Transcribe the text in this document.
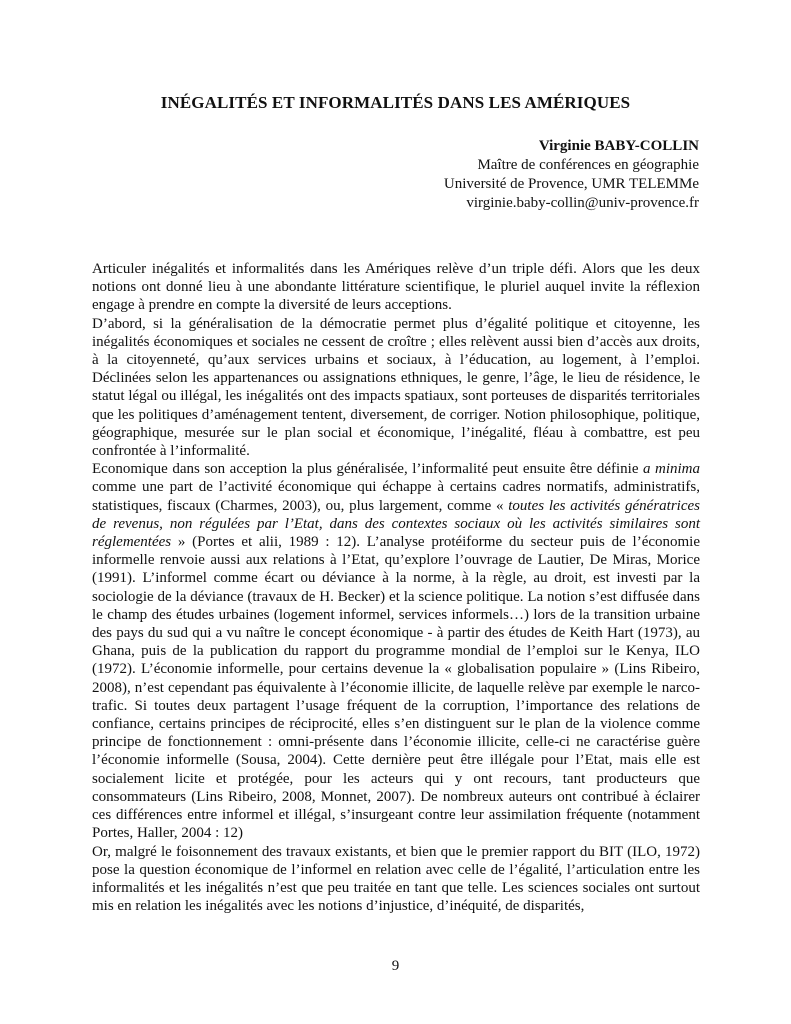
INÉGALITÉS ET INFORMALITÉS DANS LES AMÉRIQUES
Virginie BABY-COLLIN
Maître de conférences en géographie
Université de Provence, UMR TELEMMe
virginie.baby-collin@univ-provence.fr

Articuler inégalités et informalités dans les Amériques relève d’un triple défi. Alors que les deux notions ont donné lieu à une abondante littérature scientifique, le pluriel auquel invite la réflexion engage à prendre en compte la diversité de leurs acceptions.

D’abord, si la généralisation de la démocratie permet plus d’égalité politique et citoyenne, les inégalités économiques et sociales ne cessent de croître ; elles relèvent aussi bien d’accès aux droits, à la citoyenneté, qu’aux services urbains et sociaux, à l’éducation, au logement, à l’emploi. Déclinées selon les appartenances ou assignations ethniques, le genre, l’âge, le lieu de résidence, le statut légal ou illégal, les inégalités ont des impacts spatiaux, sont porteuses de disparités territoriales que les politiques d’aménagement tentent, diversement, de corriger. Notion philosophique, politique, géographique, mesurée sur le plan social et économique, l’inégalité, fléau à combattre, est peu confrontée à l’informalité.

Economique dans son acception la plus généralisée, l’informalité peut ensuite être définie a minima comme une part de l’activité économique qui échappe à certains cadres normatifs, administratifs, statistiques, fiscaux (Charmes, 2003), ou, plus largement, comme « toutes les activités génératrices de revenus, non régulées par l’Etat, dans des contextes sociaux où les activités similaires sont réglementées » (Portes et alii, 1989 : 12). L’analyse protéiforme du secteur puis de l’économie informelle renvoie aussi aux relations à l’Etat, qu’explore l’ouvrage de Lautier, De Miras, Morice (1991). L’informel comme écart ou déviance à la norme, à la règle, au droit, est investi par la sociologie de la déviance (travaux de H. Becker) et la science politique. La notion s’est diffusée dans le champ des études urbaines (logement informel, services informels…) lors de la transition urbaine des pays du sud qui a vu naître le concept économique - à partir des études de Keith Hart (1973), au Ghana, puis de la publication du rapport du programme mondial de l’emploi sur le Kenya, ILO (1972). L’économie informelle, pour certains devenue la « globalisation populaire » (Lins Ribeiro, 2008), n’est cependant pas équivalente à l’économie illicite, de laquelle relève par exemple le narco-trafic. Si toutes deux partagent l’usage fréquent de la corruption, l’importance des relations de confiance, certains principes de réciprocité, elles s’en distinguent sur le plan de la violence comme principe de fonctionnement : omni-présente dans l’économie illicite, celle-ci ne caractérise guère l’économie informelle (Sousa, 2004). Cette dernière peut être illégale pour l’Etat, mais elle est socialement licite et protégée, pour les acteurs qui y ont recours, tant producteurs que consommateurs (Lins Ribeiro, 2008, Monnet, 2007). De nombreux auteurs ont contribué à éclairer ces différences entre informel et illégal, s’insurgeant contre leur assimilation fréquente (notamment Portes, Haller, 2004 : 12)

Or, malgré le foisonnement des travaux existants, et bien que le premier rapport du BIT (ILO, 1972) pose la question économique de l’informel en relation avec celle de l’égalité, l’articulation entre les informalités et les inégalités n’est que peu traitée en tant que telle. Les sciences sociales ont surtout mis en relation les inégalités avec les notions d’injustice, d’inéquité, de disparités,

9
